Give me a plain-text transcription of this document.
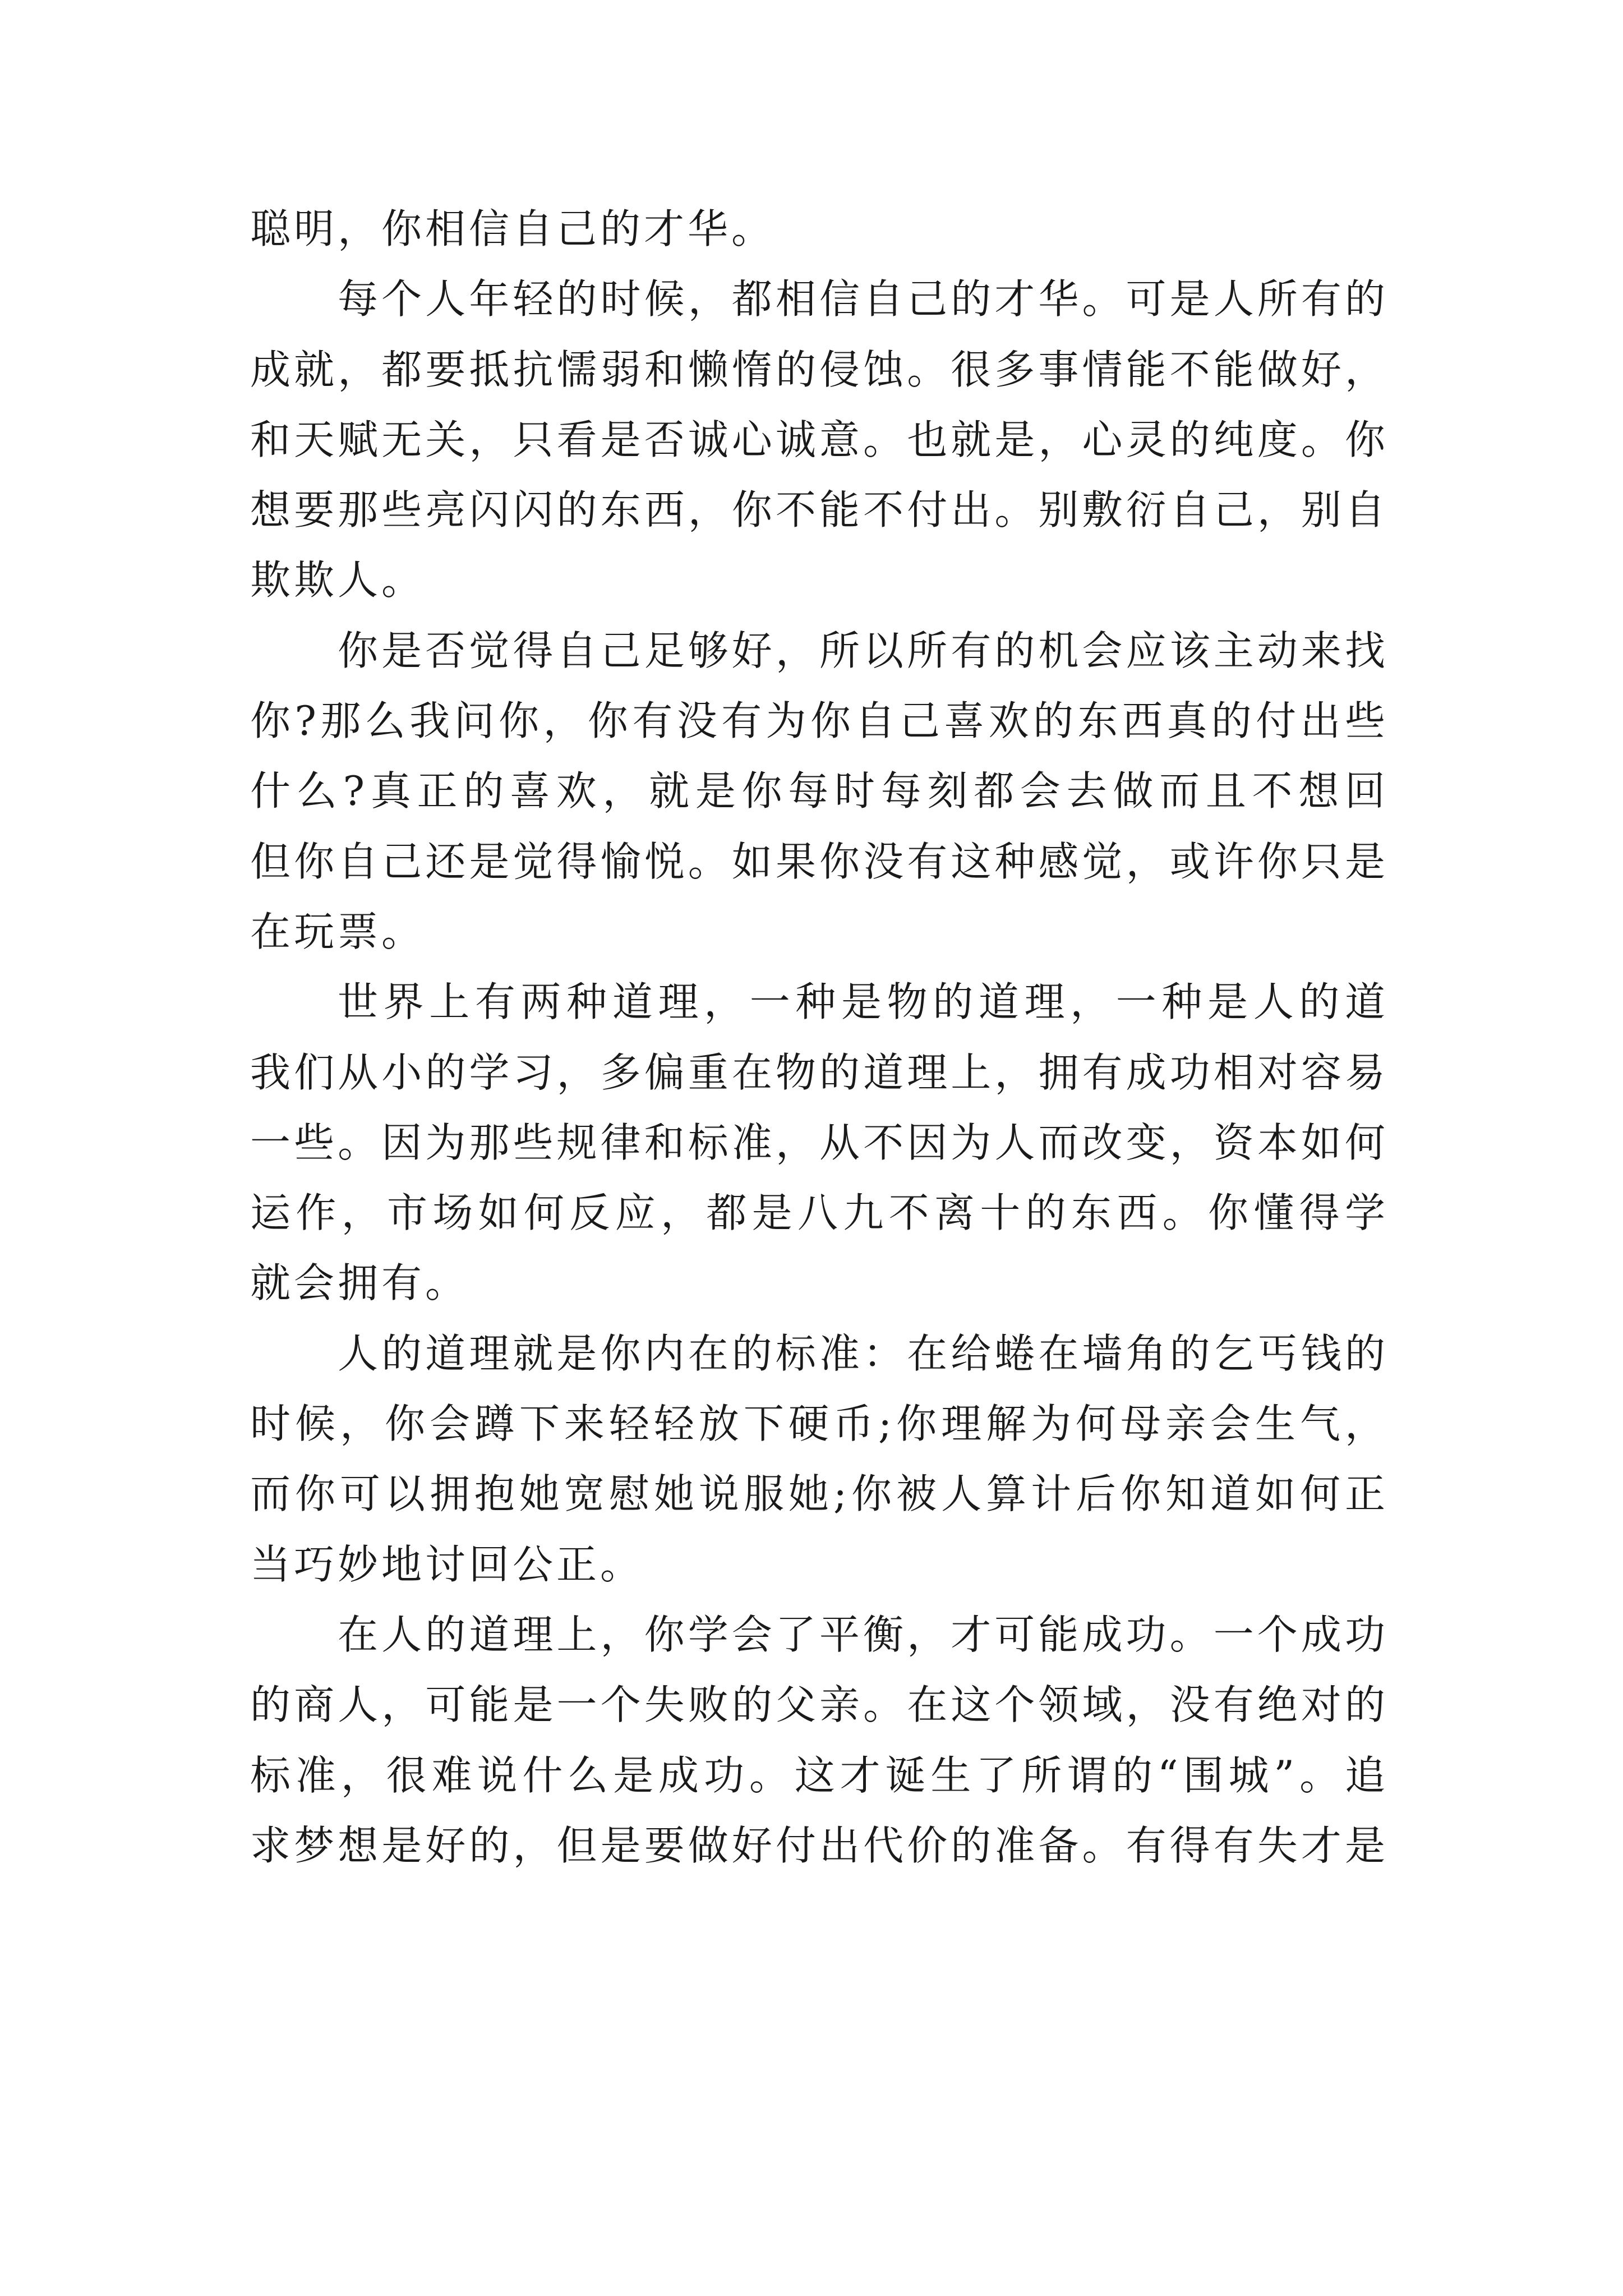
聪明，你相信自己的才华。
每个人年轻的时候，都相信自己的才华。可是人所有的
成就，都要抵抗懦弱和懒惰的侵蚀。很多事情能不能做好，
和天赋无关，只看是否诚心诚意。也就是，心灵的纯度。你
想要那些亮闪闪的东西，你不能不付出。别敷衍自己，别自
欺欺人。
你是否觉得自己足够好，所以所有的机会应该主动来找
你?那么我问你，你有没有为你自己喜欢的东西真的付出些
什么?真正的喜欢，就是你每时每刻都会去做而且不想回
但你自己还是觉得愉悦。如果你没有这种感觉，或许你只是
在玩票。
世界上有两种道理，一种是物的道理，一种是人的道
我们从小的学习，多偏重在物的道理上，拥有成功相对容易
一些。因为那些规律和标准，从不因为人而改变，资本如何
运作，市场如何反应，都是八九不离十的东西。你懂得学
就会拥有。
人的道理就是你内在的标准：在给蜷在墙角的乞丐钱的
时候，你会蹲下来轻轻放下硬币;你理解为何母亲会生气，
而你可以拥抱她宽慰她说服她;你被人算计后你知道如何正
当巧妙地讨回公正。
在人的道理上，你学会了平衡，才可能成功。一个成功
的商人，可能是一个失败的父亲。在这个领域，没有绝对的
标准，很难说什么是成功。这才诞生了所谓的“围城”。追
求梦想是好的，但是要做好付出代价的准备。有得有失才是
